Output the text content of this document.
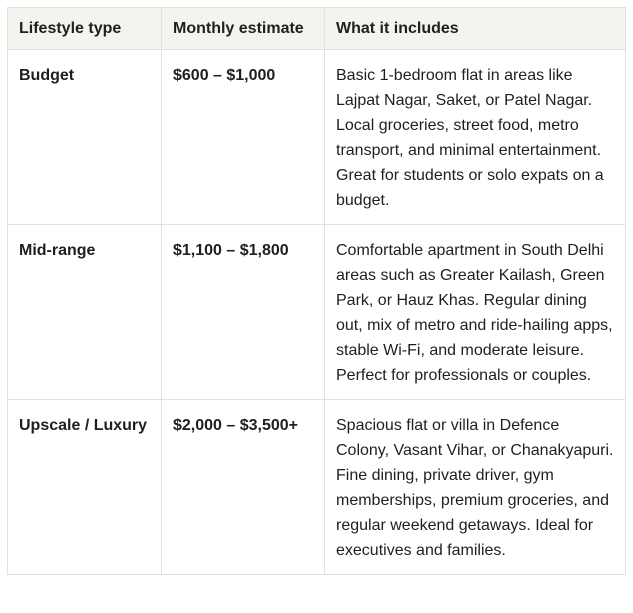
Lifestyle type	Monthly estimate	What it includes
Budget	$600 – $1,000	Basic 1-bedroom flat in areas like Lajpat Nagar, Saket, or Patel Nagar. Local groceries, street food, metro transport, and minimal entertainment. Great for students or solo expats on a budget.
Mid-range	$1,100 – $1,800	Comfortable apartment in South Delhi areas such as Greater Kailash, Green Park, or Hauz Khas. Regular dining out, mix of metro and ride-hailing apps, stable Wi-Fi, and moderate leisure. Perfect for professionals or couples.
Upscale / Luxury	$2,000 – $3,500+	Spacious flat or villa in Defence Colony, Vasant Vihar, or Chanakyapuri. Fine dining, private driver, gym memberships, premium groceries, and regular weekend getaways. Ideal for executives and families.
